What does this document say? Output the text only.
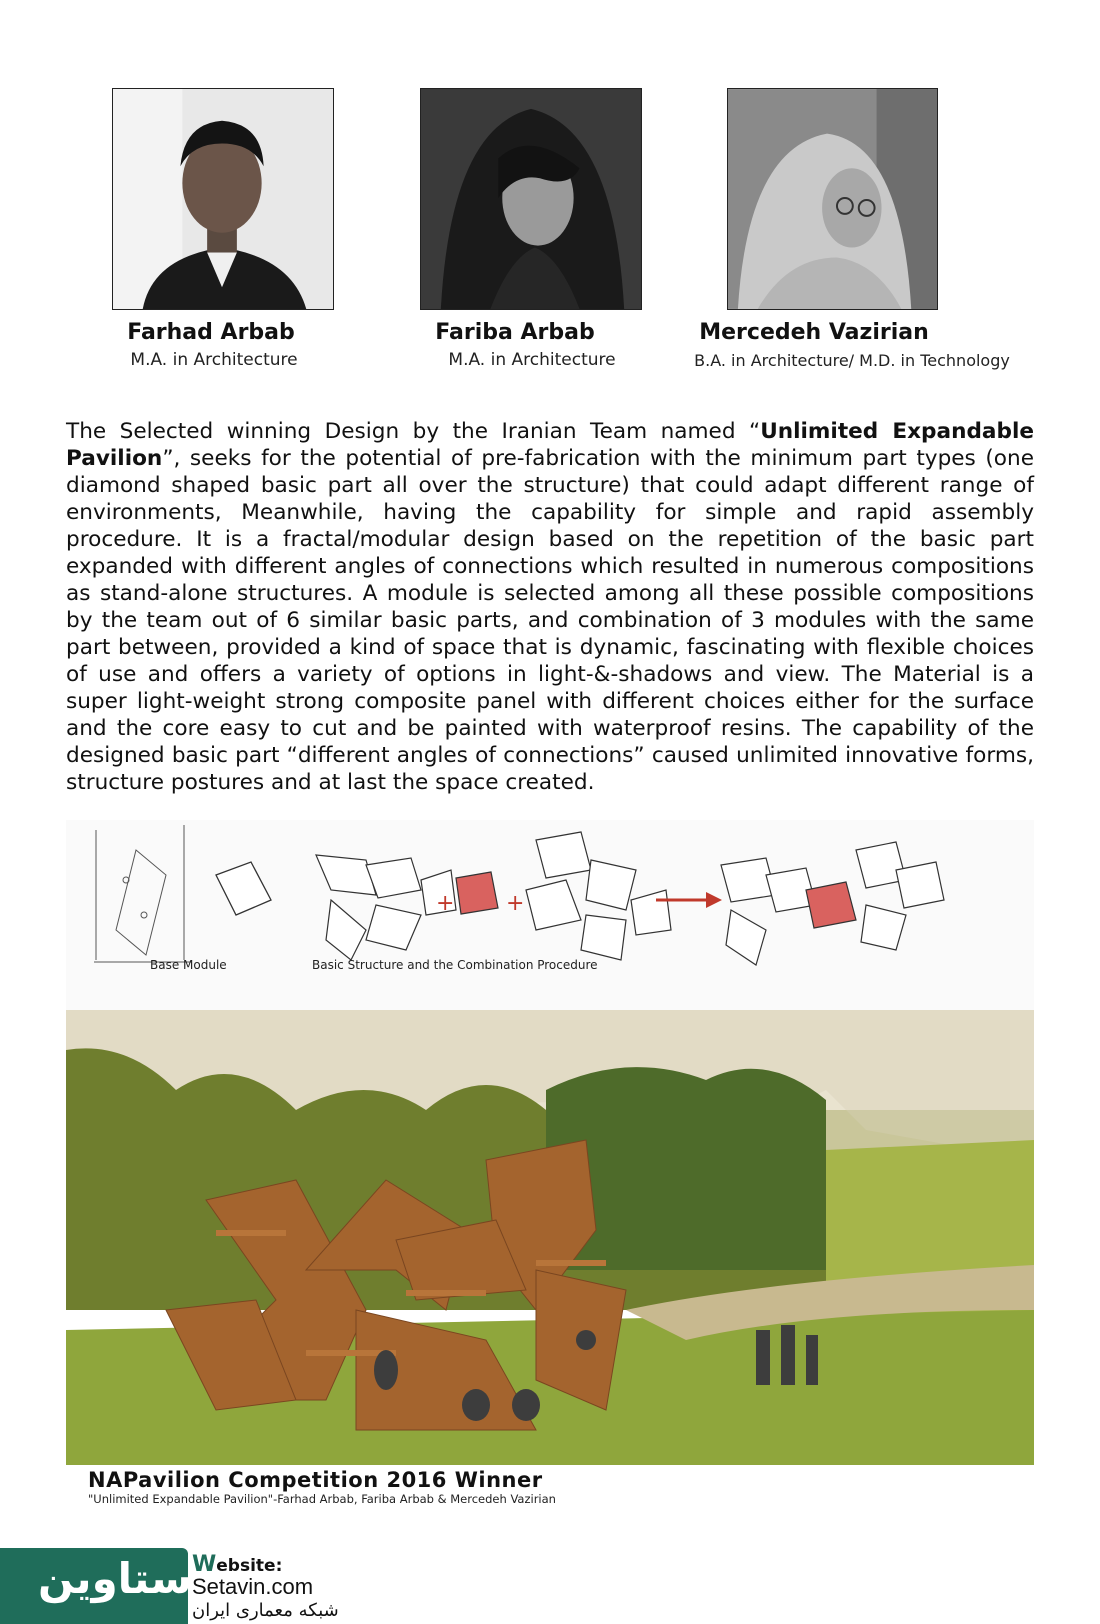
Farhad Arbab
M.A. in Architecture
Fariba Arbab
M.A. in Architecture
Mercedeh Vazirian
B.A. in Architecture/ M.D. in Technology

The Selected winning Design by the Iranian Team named “Unlimited Expandable Pavilion”, seeks for the potential of pre-fabrication with the minimum part types (one diamond shaped basic part all over the structure) that could adapt different range of environments, Meanwhile, having the capability for simple and rapid assembly procedure. It is a fractal/modular design based on the repetition of the basic part expanded with different angles of connections which resulted in numerous compositions as stand-alone structures. A module is selected among all these possible compositions by the team out of 6 similar basic parts, and combination of 3 modules with the same part between, provided a kind of space that is dynamic, fascinating with flexible choices of use and offers a variety of options in light-&-shadows and view. The Material is a super light-weight strong composite panel with different choices either for the surface and the core easy to cut and be painted with waterproof resins. The capability of the designed basic part “different angles of connections” caused unlimited innovative forms, structure postures and at last the space created.

+ +
Base Module	Basic Structure and the Combination Procedure
NAPavilion Competition 2016 Winner
"Unlimited Expandable Pavilion"-Farhad Arbab, Fariba Arbab & Mercedeh Vazirian
ستاوین Website:
Setavin.com
شبکه معماری ایران
